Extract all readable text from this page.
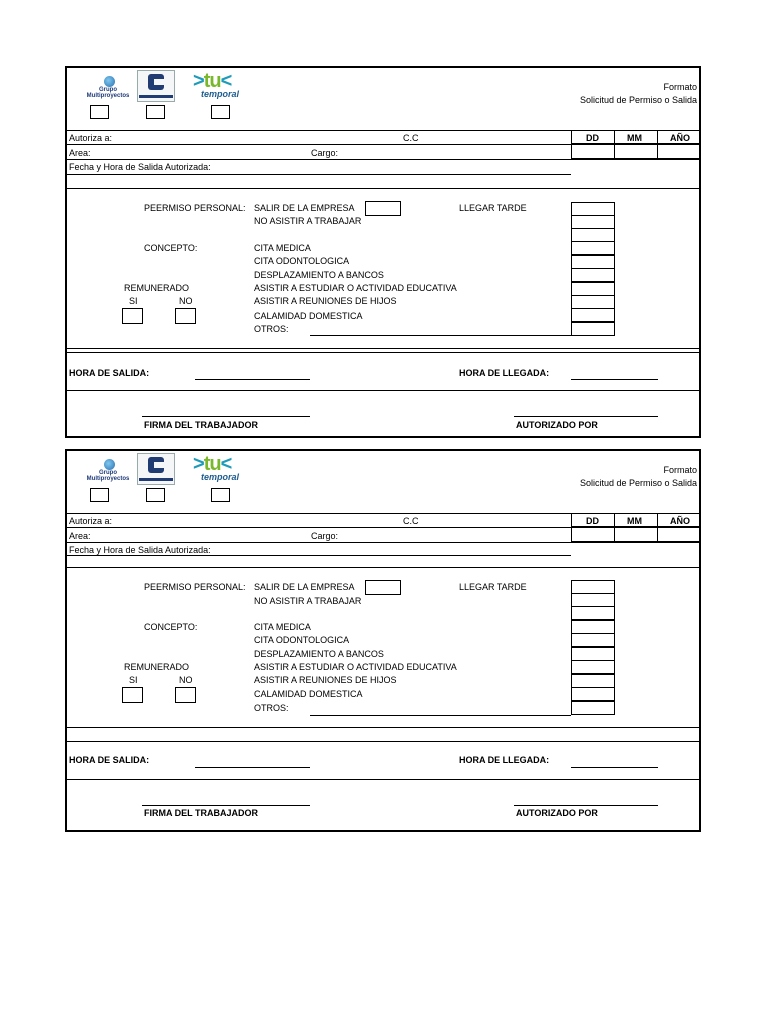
Grupo Multiproyectos
>tu<
temporal
Formato
Solicitud de Permiso o Salida
Autoriza a:	C.C	DD	MM	AÑO
Area:	Cargo:
Fecha y Hora de Salida Autorizada:
PEERMISO PERSONAL: SALIR DE LA EMPRESA	LLEGAR TARDE
NO ASISTIR A TRABAJAR
CONCEPTO:	CITA MEDICA
CITA ODONTOLOGICA
DESPLAZAMIENTO A BANCOS
REMUNERADO	ASISTIR A ESTUDIAR O ACTIVIDAD EDUCATIVA
SI	NO	ASISTIR A REUNIONES DE HIJOS
CALAMIDAD DOMESTICA
OTROS:
HORA DE SALIDA:	HORA DE LLEGADA:
FIRMA DEL TRABAJADOR	AUTORIZADO POR
Grupo Multiproyectos
>tu<
temporal
Formato
Solicitud de Permiso o Salida
Autoriza a:	C.C	DD	MM	AÑO
Area:	Cargo:
Fecha y Hora de Salida Autorizada:
PEERMISO PERSONAL: SALIR DE LA EMPRESA	LLEGAR TARDE
NO ASISTIR A TRABAJAR
CONCEPTO:	CITA MEDICA
CITA ODONTOLOGICA
DESPLAZAMIENTO A BANCOS
REMUNERADO	ASISTIR A ESTUDIAR O ACTIVIDAD EDUCATIVA
SI	NO	ASISTIR A REUNIONES DE HIJOS
CALAMIDAD DOMESTICA
OTROS:
HORA DE SALIDA:	HORA DE LLEGADA:
FIRMA DEL TRABAJADOR	AUTORIZADO POR
